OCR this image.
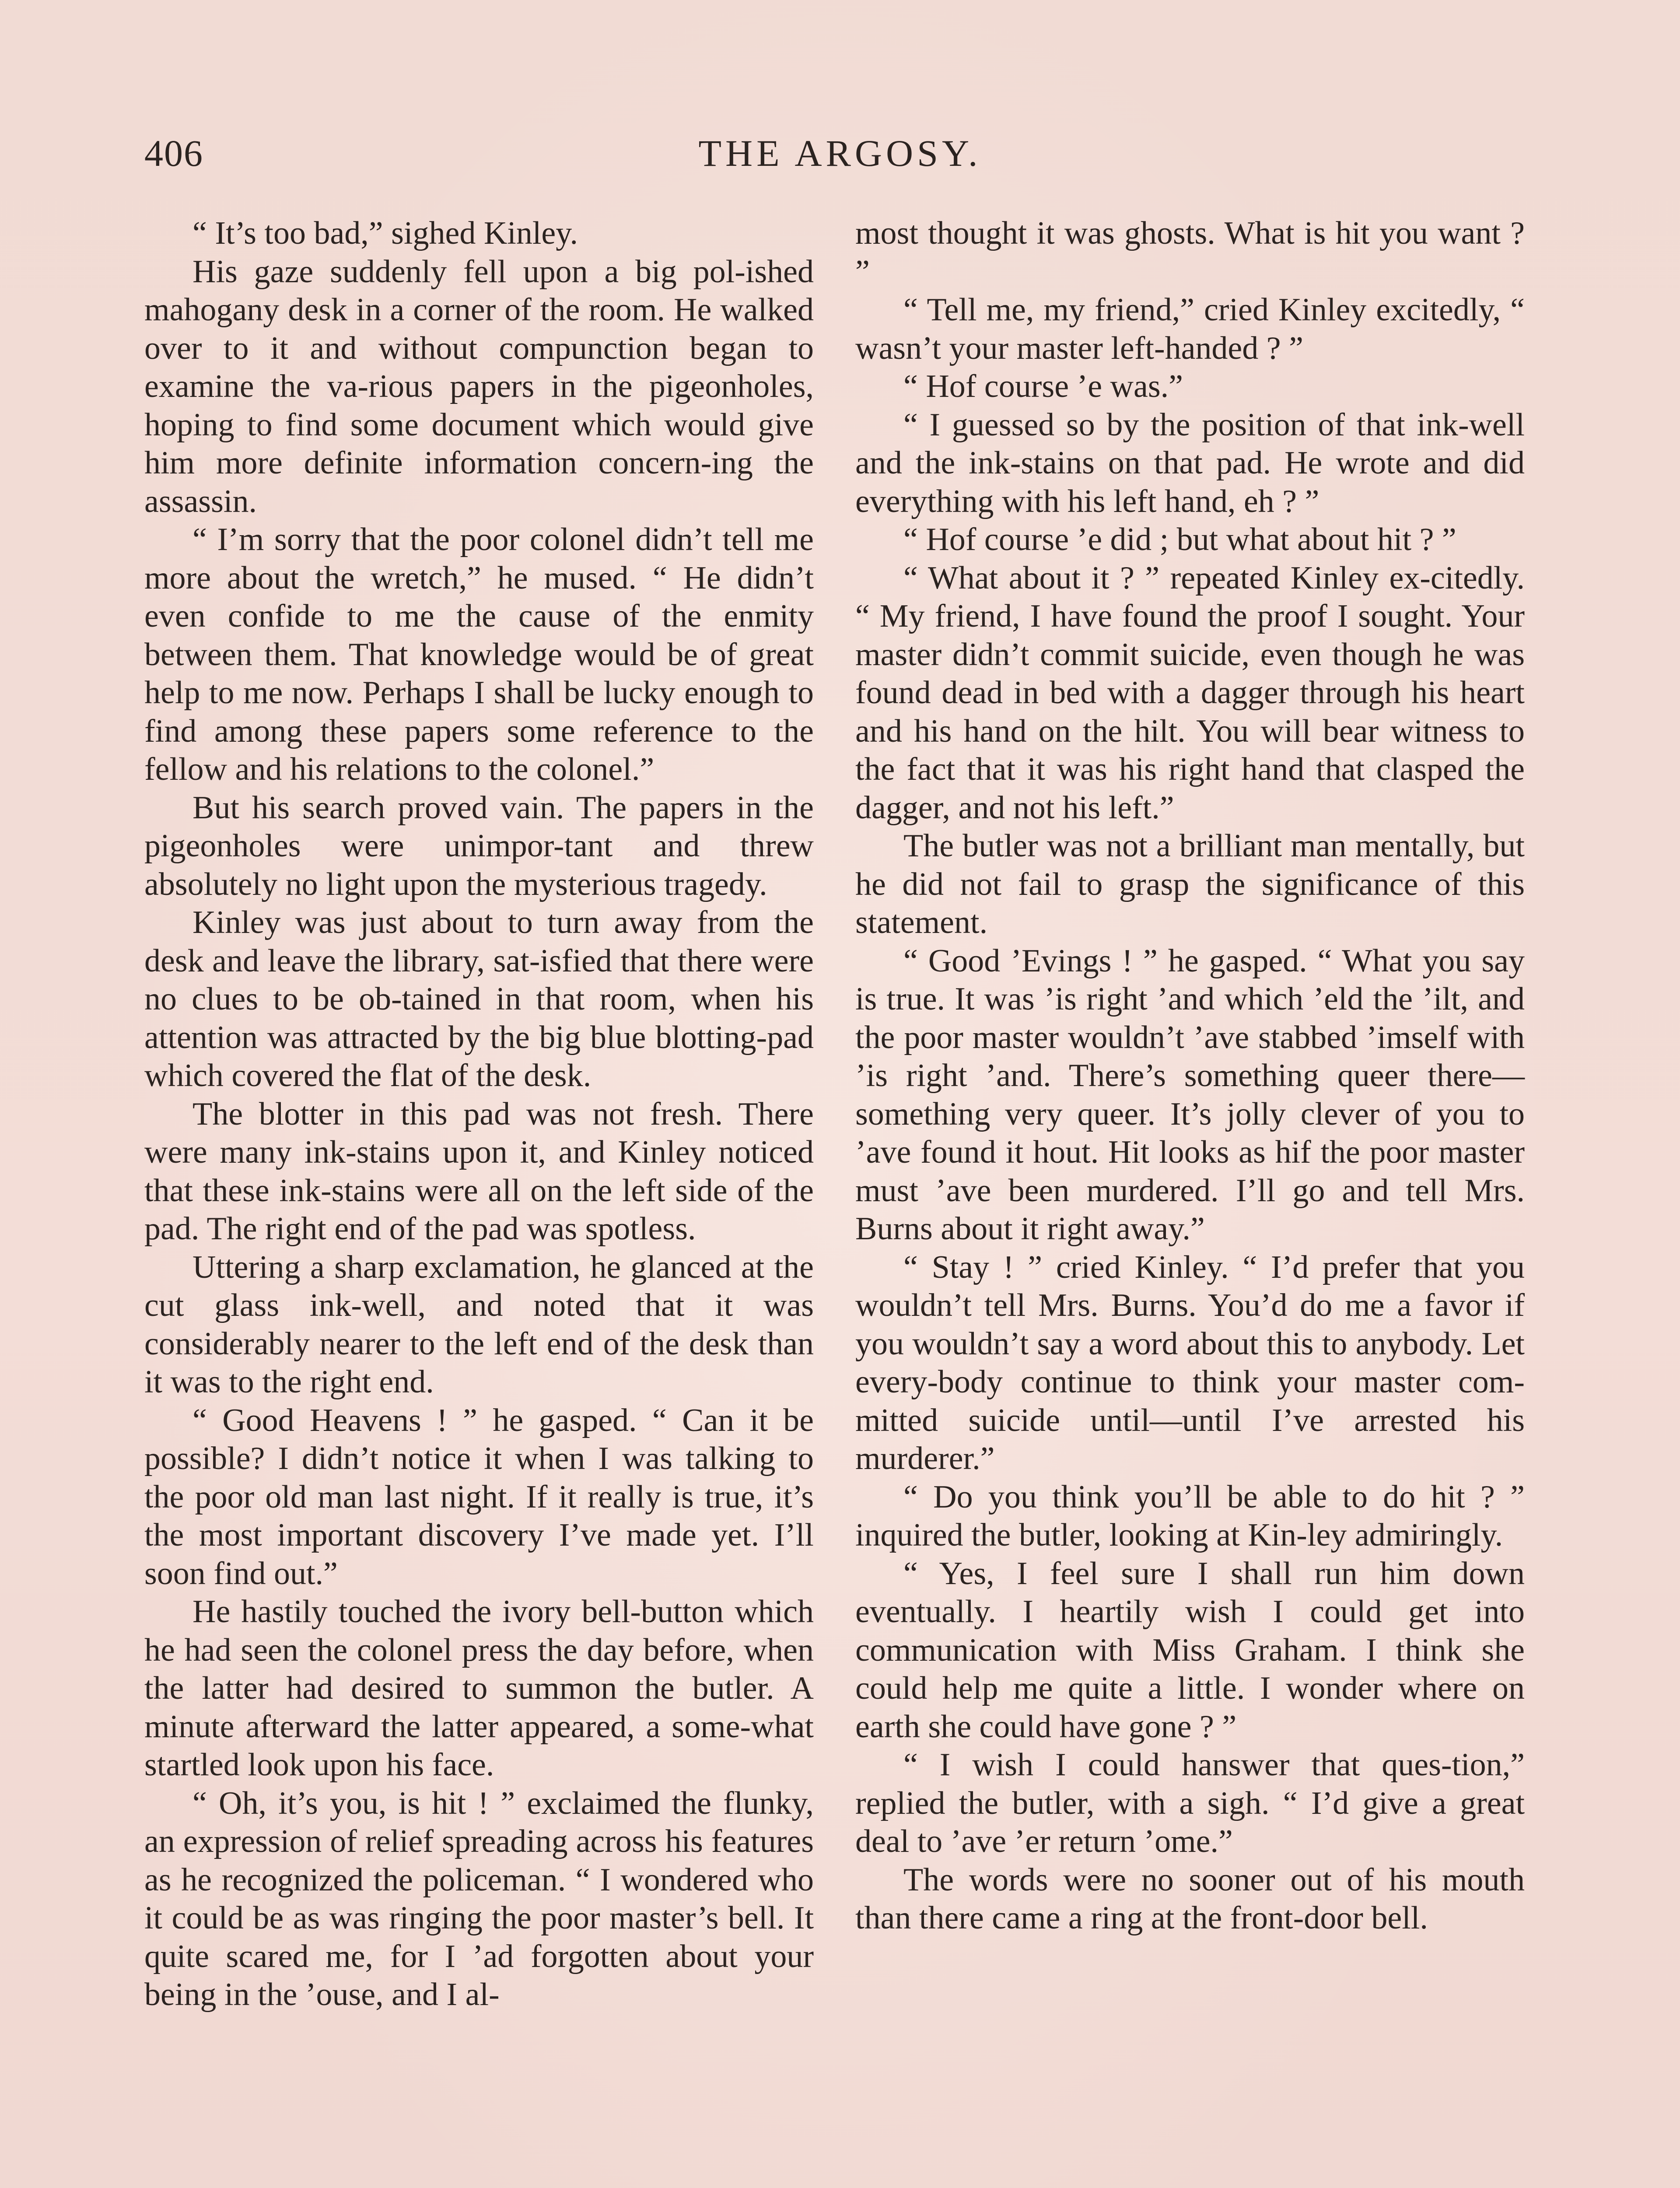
406	THE ARGOSY.

“ It’s too bad,” sighed Kinley.

His gaze suddenly fell upon a big pol-ished mahogany desk in a corner of the room. He walked over to it and without compunction began to examine the va-rious papers in the pigeonholes, hoping to find some document which would give him more definite information concern-ing the assassin.

“ I’m sorry that the poor colonel didn’t tell me more about the wretch,” he mused. “ He didn’t even confide to me the cause of the enmity between them. That knowledge would be of great help to me now. Perhaps I shall be lucky enough to find among these papers some reference to the fellow and his relations to the colonel.”

But his search proved vain. The papers in the pigeonholes were unimpor-tant and threw absolutely no light upon the mysterious tragedy.

Kinley was just about to turn away from the desk and leave the library, sat-isfied that there were no clues to be ob-tained in that room, when his attention was attracted by the big blue blotting-pad which covered the flat of the desk.

The blotter in this pad was not fresh. There were many ink-stains upon it, and Kinley noticed that these ink-stains were all on the left side of the pad. The right end of the pad was spotless.

Uttering a sharp exclamation, he glanced at the cut glass ink-well, and noted that it was considerably nearer to the left end of the desk than it was to the right end.

“ Good Heavens ! ” he gasped. “ Can it be possible? I didn’t notice it when I was talking to the poor old man last night. If it really is true, it’s the most important discovery I’ve made yet. I’ll soon find out.”

He hastily touched the ivory bell-button which he had seen the colonel press the day before, when the latter had desired to summon the butler. A minute afterward the latter appeared, a some-what startled look upon his face.

“ Oh, it’s you, is hit ! ” exclaimed the flunky, an expression of relief spreading across his features as he recognized the policeman. “ I wondered who it could be as was ringing the poor master’s bell. It quite scared me, for I ’ad forgotten about your being in the ’ouse, and I al-

most thought it was ghosts. What is hit you want ? ”

“ Tell me, my friend,” cried Kinley excitedly, “ wasn’t your master left-handed ? ”

“ Hof course ’e was.”

“ I guessed so by the position of that ink-well and the ink-stains on that pad. He wrote and did everything with his left hand, eh ? ”

“ Hof course ’e did ; but what about hit ? ”

“ What about it ? ” repeated Kinley ex-citedly. “ My friend, I have found the proof I sought. Your master didn’t commit suicide, even though he was found dead in bed with a dagger through his heart and his hand on the hilt. You will bear witness to the fact that it was his right hand that clasped the dagger, and not his left.”

The butler was not a brilliant man mentally, but he did not fail to grasp the significance of this statement.

“ Good ’Evings ! ” he gasped. “ What you say is true. It was ’is right ’and which ’eld the ’ilt, and the poor master wouldn’t ’ave stabbed ’imself with ’is right ’and. There’s something queer there—something very queer. It’s jolly clever of you to ’ave found it hout. Hit looks as hif the poor master must ’ave been murdered. I’ll go and tell Mrs. Burns about it right away.”

“ Stay ! ” cried Kinley. “ I’d prefer that you wouldn’t tell Mrs. Burns. You’d do me a favor if you wouldn’t say a word about this to anybody. Let every-body continue to think your master com-mitted suicide until—until I’ve arrested his murderer.”

“ Do you think you’ll be able to do hit ? ” inquired the butler, looking at Kin-ley admiringly.

“ Yes, I feel sure I shall run him down eventually. I heartily wish I could get into communication with Miss Graham. I think she could help me quite a little. I wonder where on earth she could have gone ? ”

“ I wish I could hanswer that ques-tion,” replied the butler, with a sigh. “ I’d give a great deal to ’ave ’er return ’ome.”

The words were no sooner out of his mouth than there came a ring at the front-door bell.
